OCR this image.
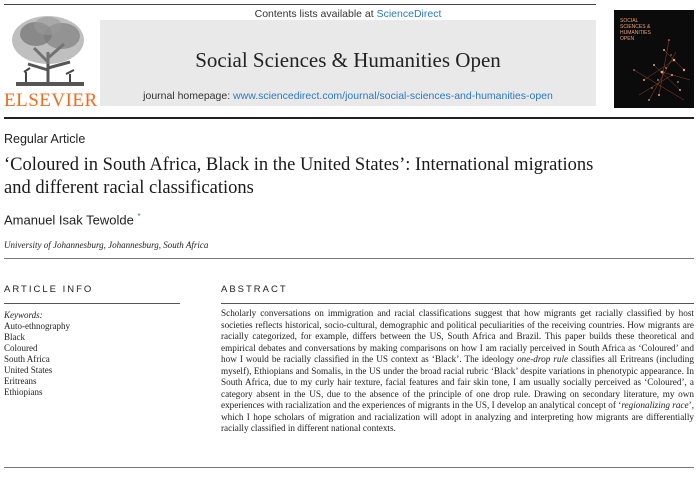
ELSEVIER
Contents lists available at ScienceDirect
Social Sciences & Humanities Open
journal homepage: www.sciencedirect.com/journal/social-sciences-and-humanities-open
SOCIAL SCIENCES & HUMANITIES OPEN
Regular Article
‘Coloured in South Africa, Black in the United States’: International migrations and different racial classifications
Amanuel Isak Tewolde *
University of Johannesburg, Johannesburg, South Africa
ARTICLE INFO
Keywords:
Auto-ethnography
Black
Coloured
South Africa
United States
Eritreans
Ethiopians
ABSTRACT

Scholarly conversations on immigration and racial classifications suggest that how migrants get racially classified by host societies reflects historical, socio-cultural, demographic and political peculiarities of the receiving countries. How migrants are racially categorized, for example, differs between the US, South Africa and Brazil. This paper builds these theoretical and empirical debates and conversations by making comparisons on how I am racially perceived in South Africa as ‘Coloured’ and how I would be racially classified in the US context as ‘Black’. The ideology one-drop rule classifies all Eritreans (including myself), Ethiopians and Somalis, in the US under the broad racial rubric ‘Black’ despite variations in phenotypic appearance. In South Africa, due to my curly hair texture, facial features and fair skin tone, I am usually socially perceived as ‘Coloured’, a category absent in the US, due to the absence of the principle of one drop rule. Drawing on secondary literature, my own experiences with racialization and the experiences of migrants in the US, I develop an analytical concept of ‘regionalizing race’, which I hope scholars of migration and racialization will adopt in analyzing and interpreting how migrants are differentially racially classified in different national contexts.
